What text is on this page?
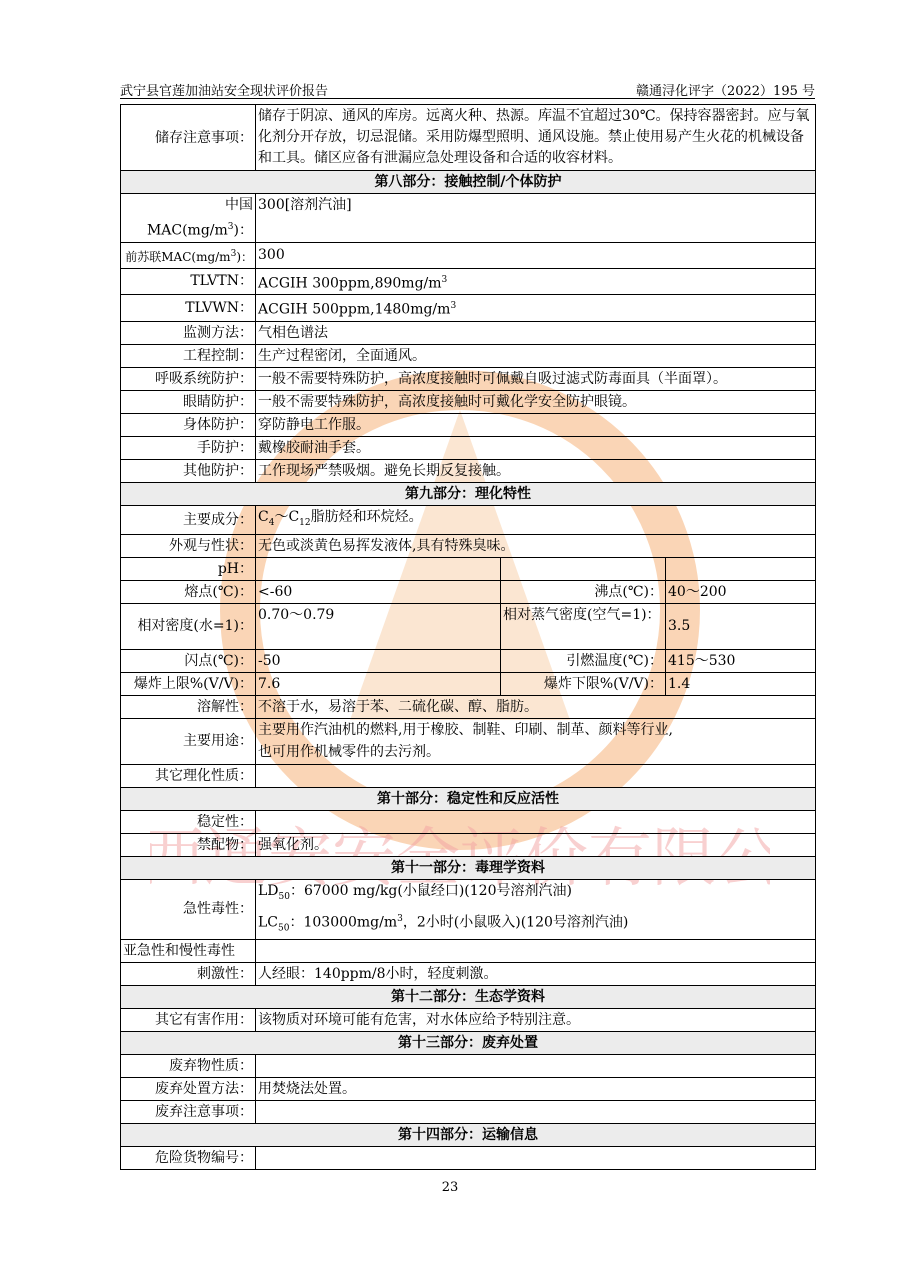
武宁县官莲加油站安全现状评价报告	赣通浔化评字（2022）195 号
储存注意事项：	储存于阴凉、通风的库房。远离火种、热源。库温不宜超过30℃。保持容器密封。应与氧化剂分开存放，切忌混储。采用防爆型照明、通风设施。禁止使用易产生火花的机械设备和工具。储区应备有泄漏应急处理设备和合适的收容材料。		
第八部分：接触控制/个体防护			
中国$MAC(mg/m^3)$：	300[溶剂汽油]		
前苏联$MAC(mg/m^3)$：	300		
TLVTN：	ACGIH $300ppm,890mg/m^3$
TLVWN：	ACGIH $500ppm,1480mg/m^3$
监测方法：	气相色谱法		
工程控制：	生产过程密闭，全面通风。		
呼吸系统防护：	一般不需要特殊防护，高浓度接触时可佩戴自吸过滤式防毒面具（半面罩）。		
眼睛防护：	一般不需要特殊防护，高浓度接触时可戴化学安全防护眼镜。		
身体防护：	穿防静电工作服。		
手防护：	戴橡胶耐油手套。		
其他防护：	工作现场严禁吸烟。避免长期反复接触。		
第九部分：理化特性			
主要成分：	$C_4\sim C_{12}$脂肪烃和环烷烃。		
外观与性状：	无色或淡黄色易挥发液体,具有特殊臭味。		
pH：			
熔点(℃)：	<-60	沸点(℃)：	40～200
相对密度(水=1)：	0.70～0.79	相对蒸气密度(空气=1)：	3.5
闪点(℃)：	-50	引燃温度(℃)：	415～530
爆炸上限%(V/V)：	7.6	爆炸下限%(V/V)：	1.4
溶解性：	不溶于水，易溶于苯、二硫化碳、醇、脂肪。		
主要用途：	主要用作汽油机的燃料,用于橡胶、制鞋、印刷、制革、颜料等行业,
也可用作机械零件的去污剂。		

其它理化性质：			
第十部分：稳定性和反应活性			
稳定性：			
禁配物：	强氧化剂。		
第十一部分：毒理学资料			
急性毒性：	$LD_{50}$：67000 mg/kg(小鼠经口)(120号溶剂汽油)
$LC_{50}$：$103000mg/m^3$，2小时(小鼠吸入)(120号溶剂汽油)		

亚急性和慢性毒性			
刺激性：	人经眼：140ppm/8小时，轻度刺激。		
第十二部分：生态学资料			
其它有害作用：	该物质对环境可能有危害，对水体应给予特别注意。		
第十三部分：废弃处置			
废弃物性质：			
废弃处置方法：	用焚烧法处置。		
废弃注意事项：			
第十四部分：运输信息			
危险货物编号：			
23
